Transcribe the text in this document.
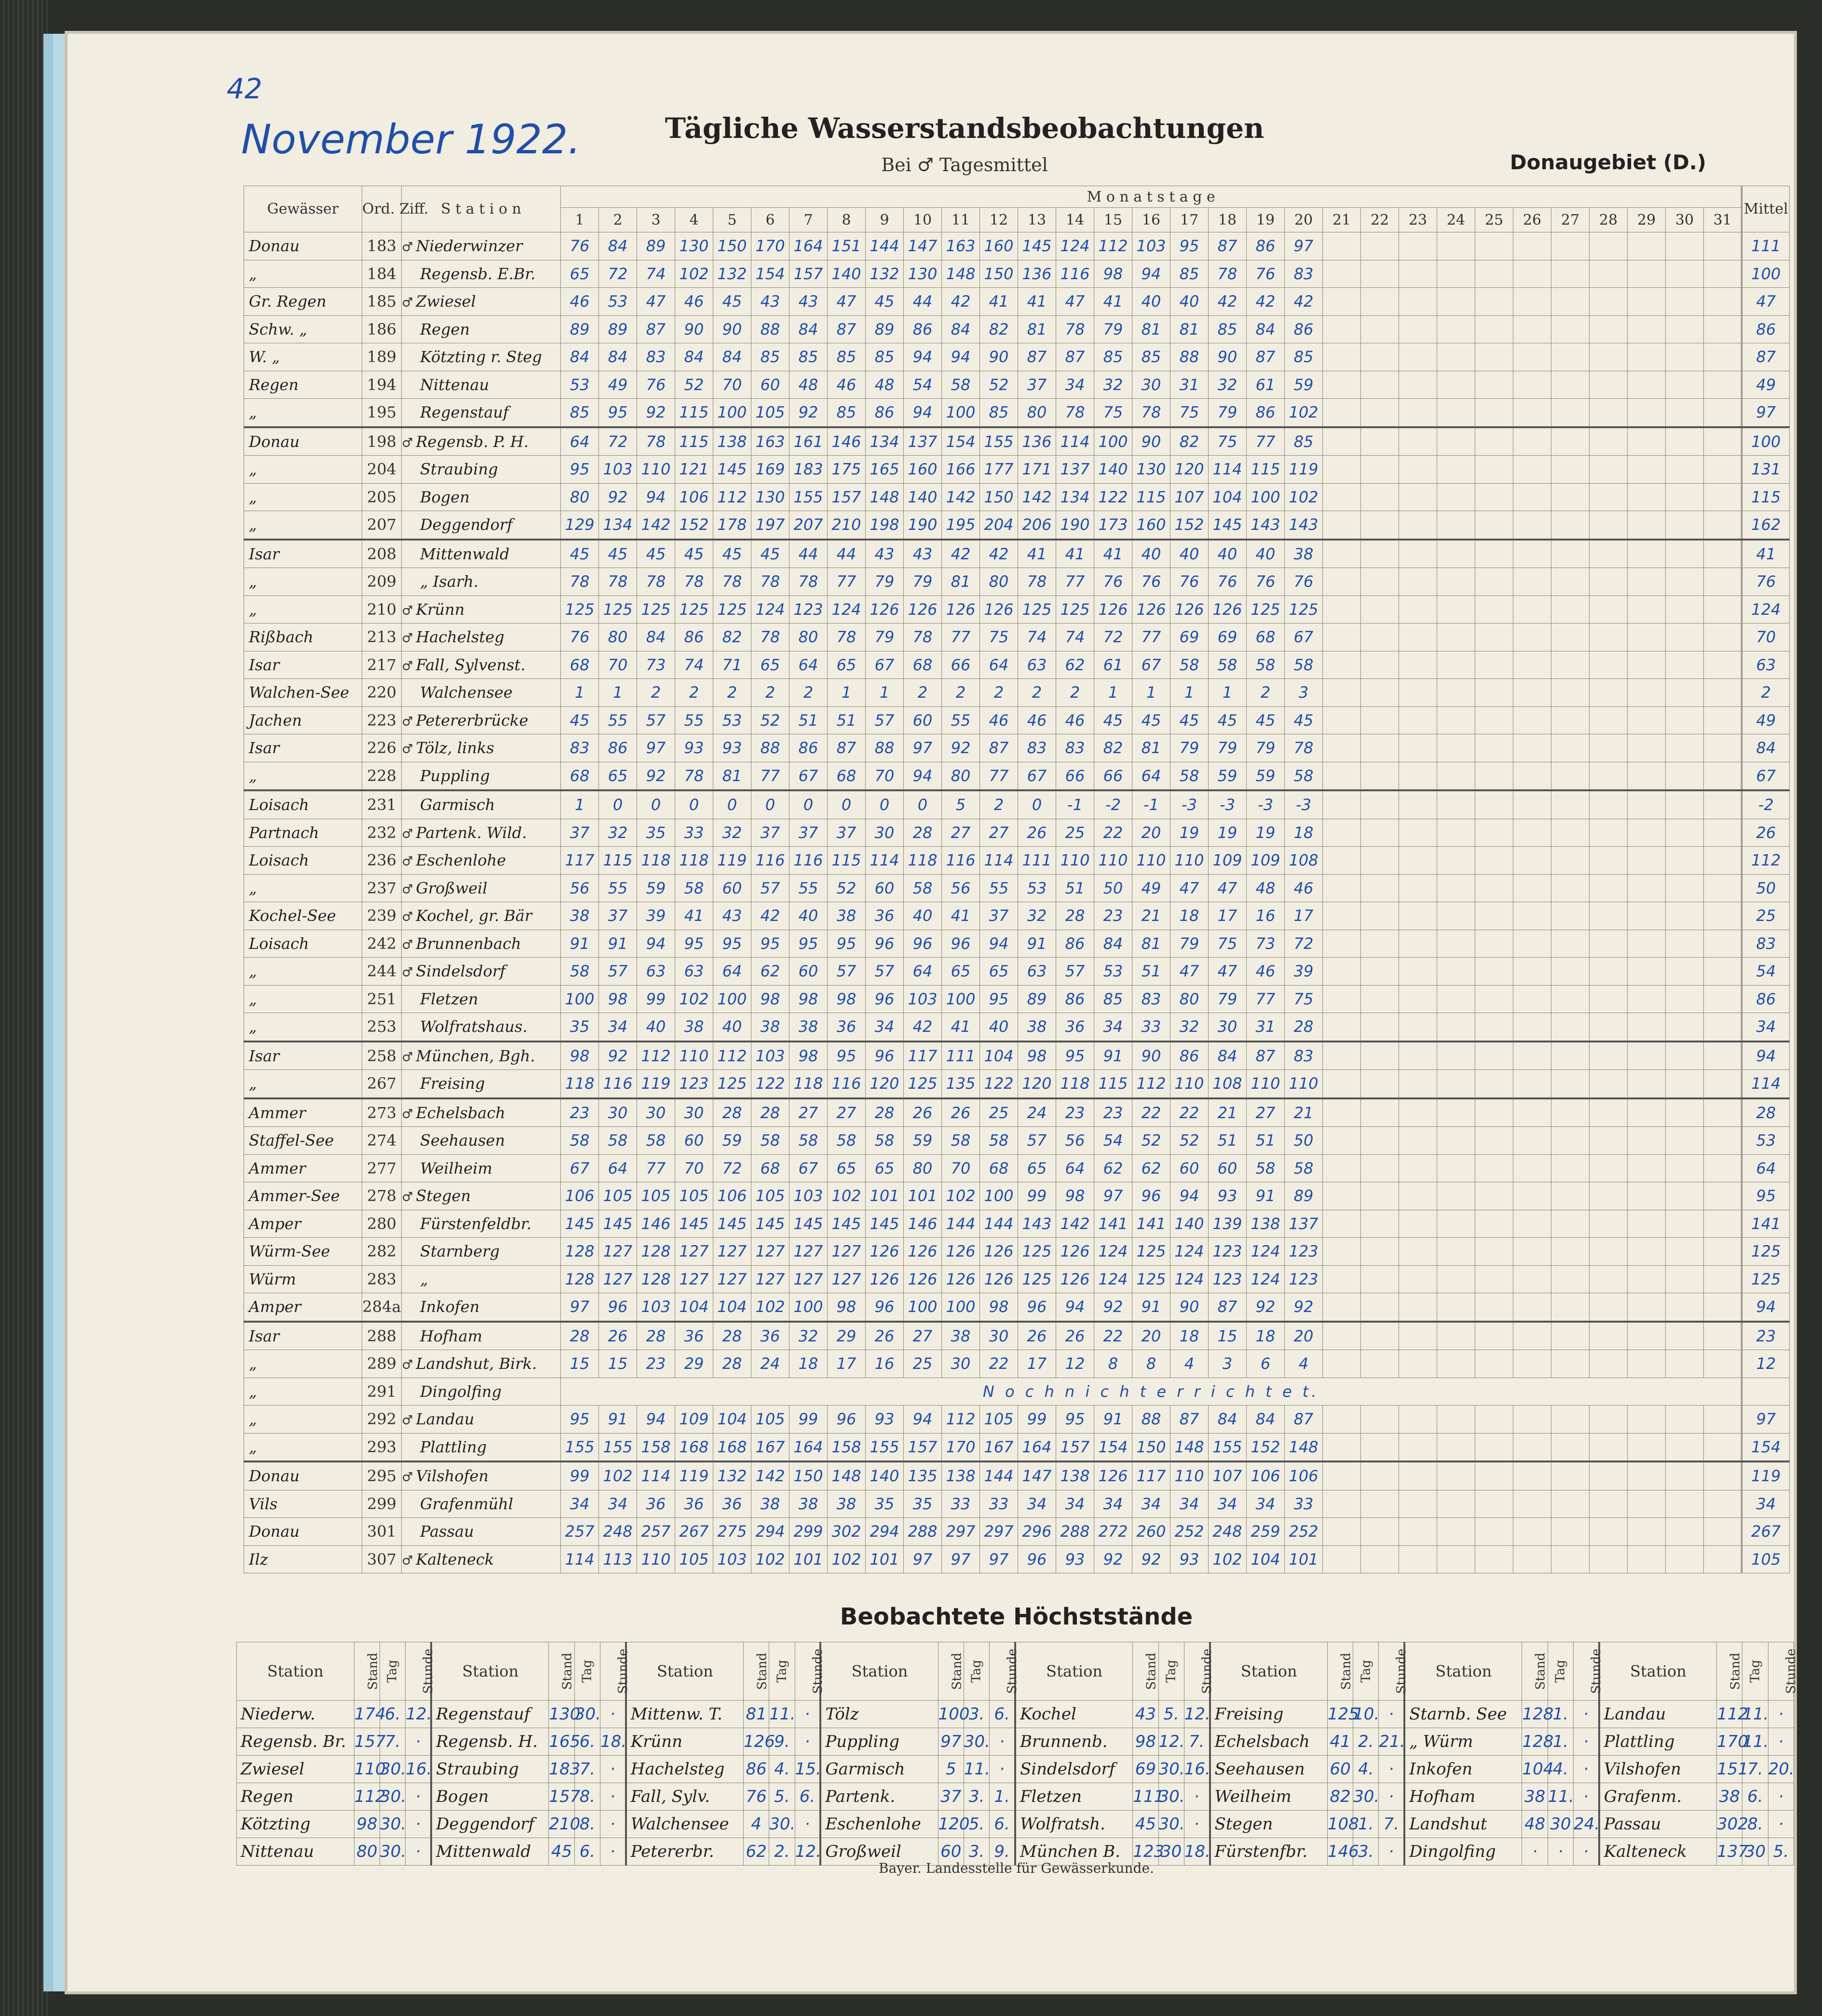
42
November 1922.	Tägliche Wasserstandsbeobachtungen
Bei ♂ Tagesmittel	Donaugebiet (D.)
Gewässer	Ord. Ziff.	S t a t i o n	M o n a t s t a g e																															Mittel
			1	2	3	4	5	6	7	8	9	10	11	12	13	14	15	16	17	18	19	20	21	22	23	24	25	26	27	28	29	30	31	
Donau	183	♂ Niederwinzer	76	84	89	130	150	170	164	151	144	147	163	160	145	124	112	103	95	87	86	97												111
„	184	Regensb. E.Br.	65	72	74	102	132	154	157	140	132	130	148	150	136	116	98	94	85	78	76	83												100
Gr. Regen	185	♂ Zwiesel	46	53	47	46	45	43	43	47	45	44	42	41	41	47	41	40	40	42	42	42												47
Schw. „	186	Regen	89	89	87	90	90	88	84	87	89	86	84	82	81	78	79	81	81	85	84	86												86
W. „	189	Kötzting r. Steg	84	84	83	84	84	85	85	85	85	94	94	90	87	87	85	85	88	90	87	85												87
Regen	194	Nittenau	53	49	76	52	70	60	48	46	48	54	58	52	37	34	32	30	31	32	61	59												49
„	195	Regenstauf	85	95	92	115	100	105	92	85	86	94	100	85	80	78	75	78	75	79	86	102												97
Donau	198	♂ Regensb. P. H.	64	72	78	115	138	163	161	146	134	137	154	155	136	114	100	90	82	75	77	85												100
„	204	Straubing	95	103	110	121	145	169	183	175	165	160	166	177	171	137	140	130	120	114	115	119												131
„	205	Bogen	80	92	94	106	112	130	155	157	148	140	142	150	142	134	122	115	107	104	100	102												115
„	207	Deggendorf	129	134	142	152	178	197	207	210	198	190	195	204	206	190	173	160	152	145	143	143												162
Isar	208	Mittenwald	45	45	45	45	45	45	44	44	43	43	42	42	41	41	41	40	40	40	40	38												41
„	209	„ Isarh.	78	78	78	78	78	78	78	77	79	79	81	80	78	77	76	76	76	76	76	76												76
„	210	♂ Krünn	125	125	125	125	125	124	123	124	126	126	126	126	125	125	126	126	126	126	125	125												124
Rißbach	213	♂ Hachelsteg	76	80	84	86	82	78	80	78	79	78	77	75	74	74	72	77	69	69	68	67												70
Isar	217	♂ Fall, Sylvenst.	68	70	73	74	71	65	64	65	67	68	66	64	63	62	61	67	58	58	58	58												63
Walchen-See	220	Walchensee	1	1	2	2	2	2	2	1	1	2	2	2	2	2	1	1	1	1	2	3												2
Jachen	223	♂ Petererbrücke	45	55	57	55	53	52	51	51	57	60	55	46	46	46	45	45	45	45	45	45												49
Isar	226	♂ Tölz, links	83	86	97	93	93	88	86	87	88	97	92	87	83	83	82	81	79	79	79	78												84
„	228	Puppling	68	65	92	78	81	77	67	68	70	94	80	77	67	66	66	64	58	59	59	58												67
Loisach	231	Garmisch	1	0	0	0	0	0	0	0	0	0	5	2	0	-1	-2	-1	-3	-3	-3	-3												-2
Partnach	232	♂ Partenk. Wild.	37	32	35	33	32	37	37	37	30	28	27	27	26	25	22	20	19	19	19	18												26
Loisach	236	♂ Eschenlohe	117	115	118	118	119	116	116	115	114	118	116	114	111	110	110	110	110	109	109	108												112
„	237	♂ Großweil	56	55	59	58	60	57	55	52	60	58	56	55	53	51	50	49	47	47	48	46												50
Kochel-See	239	♂ Kochel, gr. Bär	38	37	39	41	43	42	40	38	36	40	41	37	32	28	23	21	18	17	16	17												25
Loisach	242	♂ Brunnenbach	91	91	94	95	95	95	95	95	96	96	96	94	91	86	84	81	79	75	73	72												83
„	244	♂ Sindelsdorf	58	57	63	63	64	62	60	57	57	64	65	65	63	57	53	51	47	47	46	39												54
„	251	Fletzen	100	98	99	102	100	98	98	98	96	103	100	95	89	86	85	83	80	79	77	75												86
„	253	Wolfratshaus.	35	34	40	38	40	38	38	36	34	42	41	40	38	36	34	33	32	30	31	28												34
Isar	258	♂ München, Bgh.	98	92	112	110	112	103	98	95	96	117	111	104	98	95	91	90	86	84	87	83												94
„	267	Freising	118	116	119	123	125	122	118	116	120	125	135	122	120	118	115	112	110	108	110	110												114
Ammer	273	♂ Echelsbach	23	30	30	30	28	28	27	27	28	26	26	25	24	23	23	22	22	21	27	21												28
Staffel-See	274	Seehausen	58	58	58	60	59	58	58	58	58	59	58	58	57	56	54	52	52	51	51	50												53
Ammer	277	Weilheim	67	64	77	70	72	68	67	65	65	80	70	68	65	64	62	62	60	60	58	58												64
Ammer-See	278	♂ Stegen	106	105	105	105	106	105	103	102	101	101	102	100	99	98	97	96	94	93	91	89												95
Amper	280	Fürstenfeldbr.	145	145	146	145	145	145	145	145	145	146	144	144	143	142	141	141	140	139	138	137												141
Würm-See	282	Starnberg	128	127	128	127	127	127	127	127	126	126	126	126	125	126	124	125	124	123	124	123												125
Würm	283	„	128	127	128	127	127	127	127	127	126	126	126	126	125	126	124	125	124	123	124	123												125
Amper	284a	Inkofen	97	96	103	104	104	102	100	98	96	100	100	98	96	94	92	91	90	87	92	92												94
Isar	288	Hofham	28	26	28	36	28	36	32	29	26	27	38	30	26	26	22	20	18	15	18	20												23
„	289	♂ Landshut, Birk.	15	15	23	29	28	24	18	17	16	25	30	22	17	12	8	8	4	3	6	4												12
„	291	Dingolfing	N o c h n i c h t e r r i c h t e t.																															
„	292	♂ Landau	95	91	94	109	104	105	99	96	93	94	112	105	99	95	91	88	87	84	84	87												97
„	293	Plattling	155	155	158	168	168	167	164	158	155	157	170	167	164	157	154	150	148	155	152	148												154
Donau	295	♂ Vilshofen	99	102	114	119	132	142	150	148	140	135	138	144	147	138	126	117	110	107	106	106												119
Vils	299	Grafenmühl	34	34	36	36	36	38	38	38	35	35	33	33	34	34	34	34	34	34	34	33												34
Donau	301	Passau	257	248	257	267	275	294	299	302	294	288	297	297	296	288	272	260	252	248	259	252												267
Ilz	307	♂ Kalteneck	114	113	110	105	103	102	101	102	101	97	97	97	96	93	92	92	93	102	104	101												105
Beobachtete Höchststände
Station	Stand	Tag	Stunde	Station	Stand	Tag	Stunde	Station	Stand	Tag	Stunde	Station	Stand	Tag	Stunde	Station	Stand	Tag	Stunde	Station	Stand	Tag	Stunde	Station	Stand	Tag	Stunde	Station	Stand	Tag	Stunde
Niederw.	174	6.	12.	Regenstauf	130	30.	·	Mittenw. T.	81	11.	·	Tölz	100	3.	6.	Kochel	43	5.	12.	Freising	125	10.	·	Starnb. See	128	1.	·	Landau	112	11.	·
Regensb. Br.	157	7.	·	Regensb. H.	165	6.	18.	Krünn	126	9.	·	Puppling	97	30.	·	Brunnenb.	98	12.	7.	Echelsbach	41	2.	21.	„ Würm	128	1.	·	Plattling	170	11.	·
Zwiesel	110	30.	16.	Straubing	183	7.	·	Hachelsteg	86	4.	15.	Garmisch	5	11.	·	Sindelsdorf	69	30.	16.	Seehausen	60	4.	·	Inkofen	104	4.	·	Vilshofen	151	7.	20.
Regen	112	30.	·	Bogen	157	8.	·	Fall, Sylv.	76	5.	6.	Partenk.	37	3.	1.	Fletzen	111	30.	·	Weilheim	82	30.	·	Hofham	38	11.	·	Grafenm.	38	6.	·
Kötzting	98	30.	·	Deggendorf	210	8.	·	Walchensee	4	30.	·	Eschenlohe	120	5.	6.	Wolfratsh.	45	30.	·	Stegen	108	1.	7.	Landshut	48	30	24.	Passau	302	8.	·
Nittenau	80	30.	·	Mittenwald	45	6.	·	Petererbr.	62	2.	12.	Großweil	60	3.	9.	München B.	123	30	18.	Fürstenfbr.	146	3.	·	Dingolfing	·	·	·	Kalteneck	137	30	5.
Bayer. Landesstelle für Gewässerkunde.
